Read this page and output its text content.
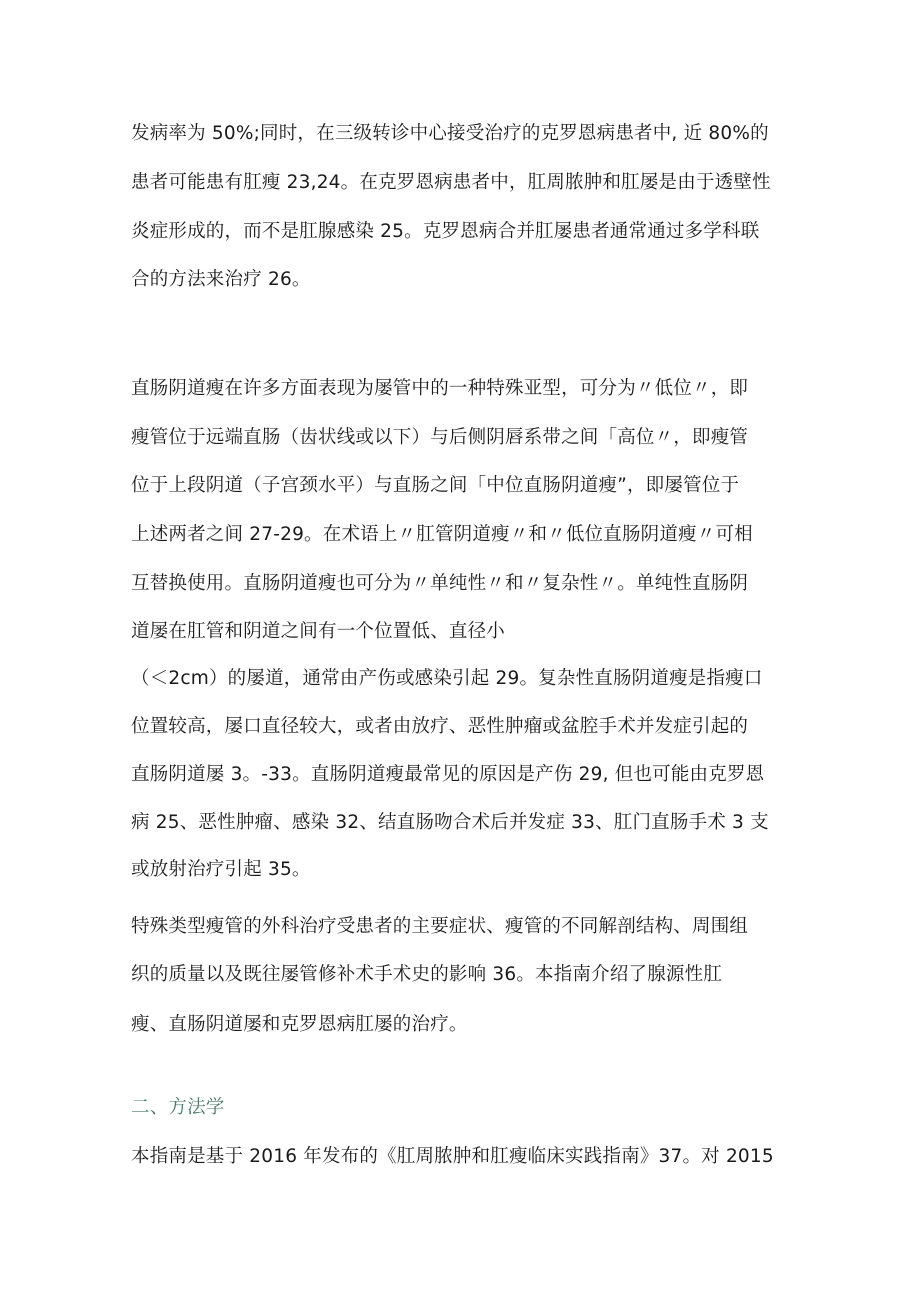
发病率为 50%;同时，在三级转诊中心接受治疗的克罗恩病患者中, 近 80%的
患者可能患有肛瘦 23,24。在克罗恩病患者中，肛周脓肿和肛屡是由于透壁性
炎症形成的，而不是肛腺感染 25。克罗恩病合并肛屡患者通常通过多学科联
合的方法来治疗 26。
直肠阴道瘦在许多方面表现为屡管中的一种特殊亚型，可分为〃低位〃，即
瘦管位于远端直肠（齿状线或以下）与后侧阴唇系带之间「高位〃，即瘦管
位于上段阴道（子宫颈水平）与直肠之间「中位直肠阴道瘦”，即屡管位于
上述两者之间 27-29。在术语上〃肛管阴道瘦〃和〃低位直肠阴道瘦〃可相
互替换使用。直肠阴道瘦也可分为〃单纯性〃和〃复杂性〃。单纯性直肠阴
道屡在肛管和阴道之间有一个位置低、直径小
（＜2cm）的屡道，通常由产伤或感染引起 29。复杂性直肠阴道瘦是指瘦口
位置较高，屡口直径较大，或者由放疗、恶性肿瘤或盆腔手术并发症引起的
直肠阴道屡 3。-33。直肠阴道瘦最常见的原因是产伤 29, 但也可能由克罗恩
病 25、恶性肿瘤、感染 32、结直肠吻合术后并发症 33、肛门直肠手术 3 支
或放射治疗引起 35。
特殊类型瘦管的外科治疗受患者的主要症状、瘦管的不同解剖结构、周围组
织的质量以及既往屡管修补术手术史的影响 36。本指南介绍了腺源性肛
瘦、直肠阴道屡和克罗恩病肛屡的治疗。
二、方法学
本指南是基于 2016 年发布的《肛周脓肿和肛瘦临床实践指南》37。对 2015
